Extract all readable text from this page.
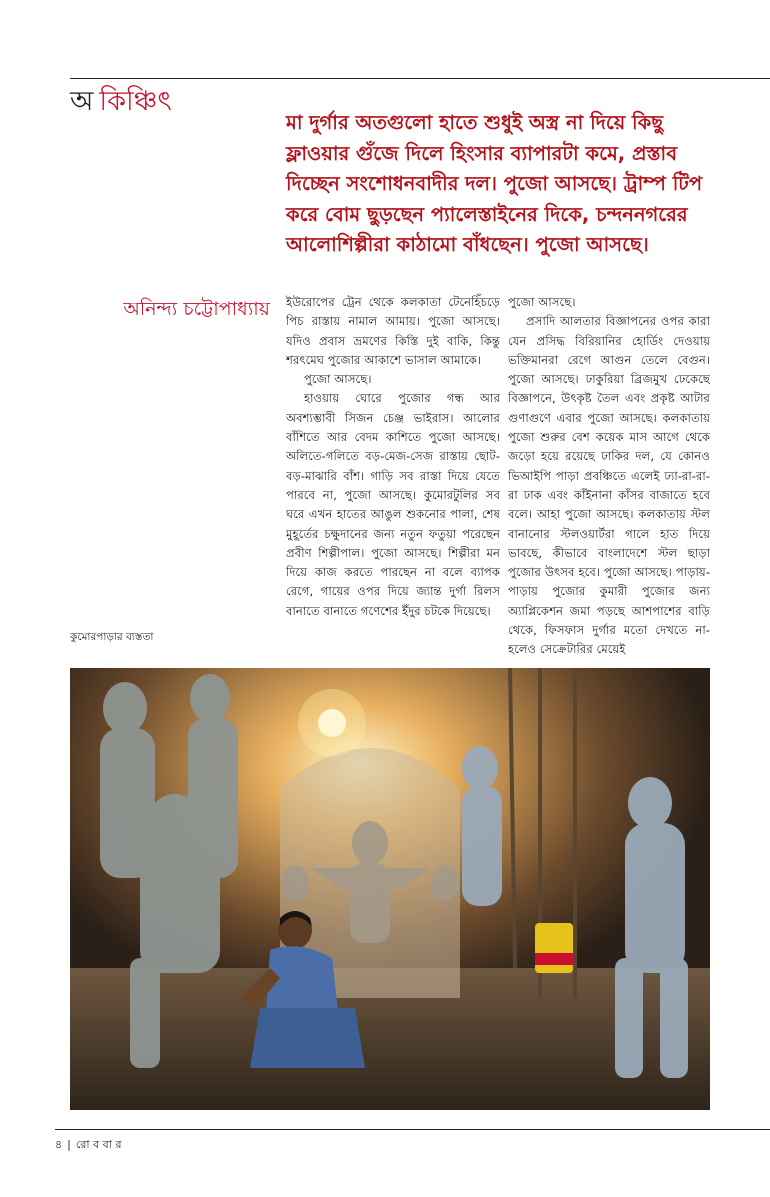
অ কিঞ্চিৎ

মা দুর্গার অতগুলো হাতে শুধুই অস্ত্র না দিয়ে কিছু ফ্লাওয়ার গুঁজে দিলে হিংসার ব্যাপারটা কমে, প্রস্তাব দিচ্ছেন সংশোধনবাদীর দল। পুজো আসছে। ট্রাম্প টিপ করে বোম ছুড়ছেন প্যালেস্তাইনের দিকে, চন্দননগরের আলোশিল্পীরা কাঠামো বাঁধছেন। পুজো আসছে।

অনিন্দ্য চট্টোপাধ্যায় ইউরোপের ট্রেন থেকে কলকাতা টেনেহিঁচড়ে পিচ রাস্তায় নামাল আমায়। পুজো আসছে। যদিও প্রবাস ভ্রমণের কিস্তি দুই বাকি, কিন্তু শরৎমেঘ পুজোর আকাশে ভাসাল আমাকে।

পুজো আসছে।

হাওয়ায় ঘোরে পুজোর গন্ধ আর অবশ্যম্ভাবী সিজন চেঞ্জ ভাইরাস। আলোর বাঁশিতে আর বেদম কাশিতে পুজো আসছে। অলিতে-গলিতে বড়-মেজ-সেজ রাস্তায় ছোট-বড়-মাঝারি বাঁশ। গাড়ি সব রাস্তা দিয়ে যেতে পারবে না, পুজো আসছে। কুমোরটুলির সব ঘরে এখন হাতের আঙুল শুকনোর পালা, শেষ মুহূর্তের চক্ষুদানের জন্য নতুন ফতুয়া পরেছেন প্রবীণ শিল্পীপাল। পুজো আসছে। শিল্পীরা মন দিয়ে কাজ করতে পারছেন না বলে ব্যাপক রেগে, গায়ের ওপর দিয়ে জ্যান্ত দুর্গা রিলস বানাতে বানাতে গণেশের ইঁদুর চটকে দিয়েছে।

পুজো আসছে।

প্রসাদি আলতার বিজ্ঞাপনের ওপর কারা যেন প্রসিদ্ধ বিরিয়ানির হোর্ডিং দেওয়ায় ভক্তিমানরা রেগে আগুন তেলে বেগুন। পুজো আসছে। ঢাকুরিয়া ব্রিজমুখ ঢেকেছে বিজ্ঞাপনে, উৎকৃষ্ট তৈল এবং প্রকৃষ্ট আটার গুণাগুণে এবার পুজো আসছে। কলকাতায় পুজো শুরুর বেশ কয়েক মাস আগে থেকে জড়ো হয়ে রয়েছে ঢাকির দল, যে কোনও ভিআইপি পাড়া প্রবঞ্চিতে এলেই ঢ্যা-রা-রা-রা ঢাক এবং কাঁইনানা কাঁসর বাজাতে হবে বলে। আহা পুজো আসছে। কলকাতায় স্টল বানানোর স্টলওয়ার্টরা গালে হাত দিয়ে ভাবছে, কীভাবে বাংলাদেশে স্টল ছাড়া পুজোর উৎসব হবে। পুজো আসছে। পাড়ায়-পাড়ায় পুজোর কুমারী পুজোর জন্য অ্যাপ্লিকেশন জমা পড়ছে আশপাশের বাড়ি থেকে, ফিসফাস দুর্গার মতো দেখতে না-হলেও সেক্রেটারির মেয়েই

কুমোরপাড়ার ব্যস্ততা
৪ | রো ব বা র
